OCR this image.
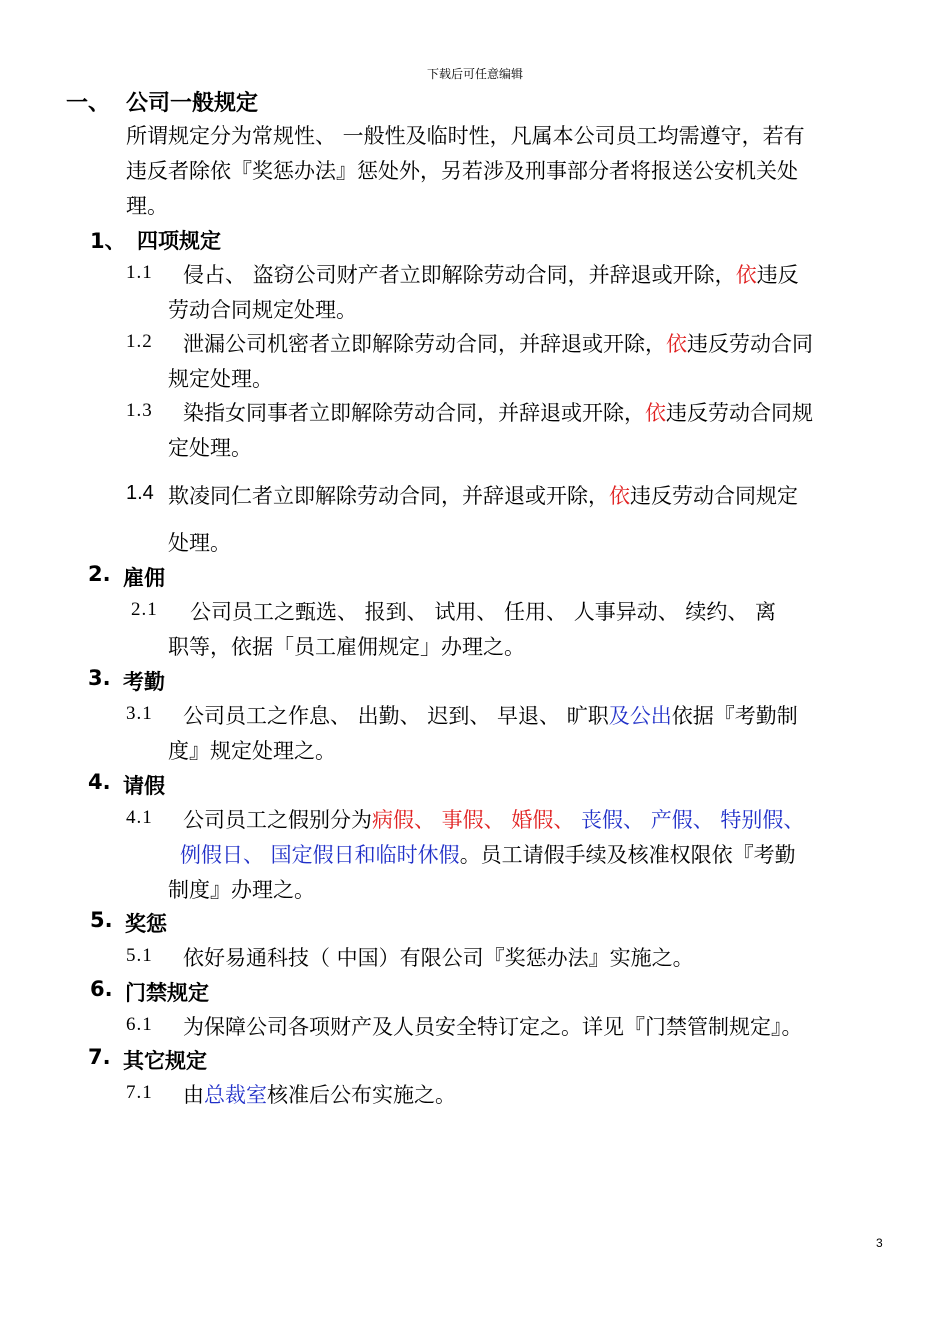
下载后可任意编辑
一、 公司一般规定
所谓规定分为常规性、 一般性及临时性，凡属本公司员工均需遵守，若有
违反者除依『奖惩办法』惩处外，另若涉及刑事部分者将报送公安机关处
理。
1、 四项规定
1.1 侵占、 盗窃公司财产者立即解除劳动合同，并辞退或开除，依违反
劳动合同规定处理。
1.2 泄漏公司机密者立即解除劳动合同，并辞退或开除，依违反劳动合同
规定处理。
1.3 染指女同事者立即解除劳动合同，并辞退或开除，依违反劳动合同规
定处理。
1.4 欺凌同仁者立即解除劳动合同，并辞退或开除，依违反劳动合同规定
处理。
2. 雇佣
2.1 公司员工之甄选、 报到、 试用、 任用、 人事异动、 续约、 离
职等，依据「员工雇佣规定」办理之。
3. 考勤
3.1 公司员工之作息、 出勤、 迟到、 早退、 旷职及公出依据『考勤制
度』规定处理之。
4. 请假
4.1 公司员工之假别分为病假、 事假、 婚假、 丧假、 产假、 特别假、
例假日、 国定假日和临时休假。员工请假手续及核准权限依『考勤
制度』办理之。
5. 奖惩
5.1 依好易通科技（ 中国）有限公司『奖惩办法』实施之。
6. 门禁规定
6.1 为保障公司各项财产及人员安全特订定之。详见『门禁管制规定』。
7. 其它规定
7.1 由总裁室核准后公布实施之。
3
